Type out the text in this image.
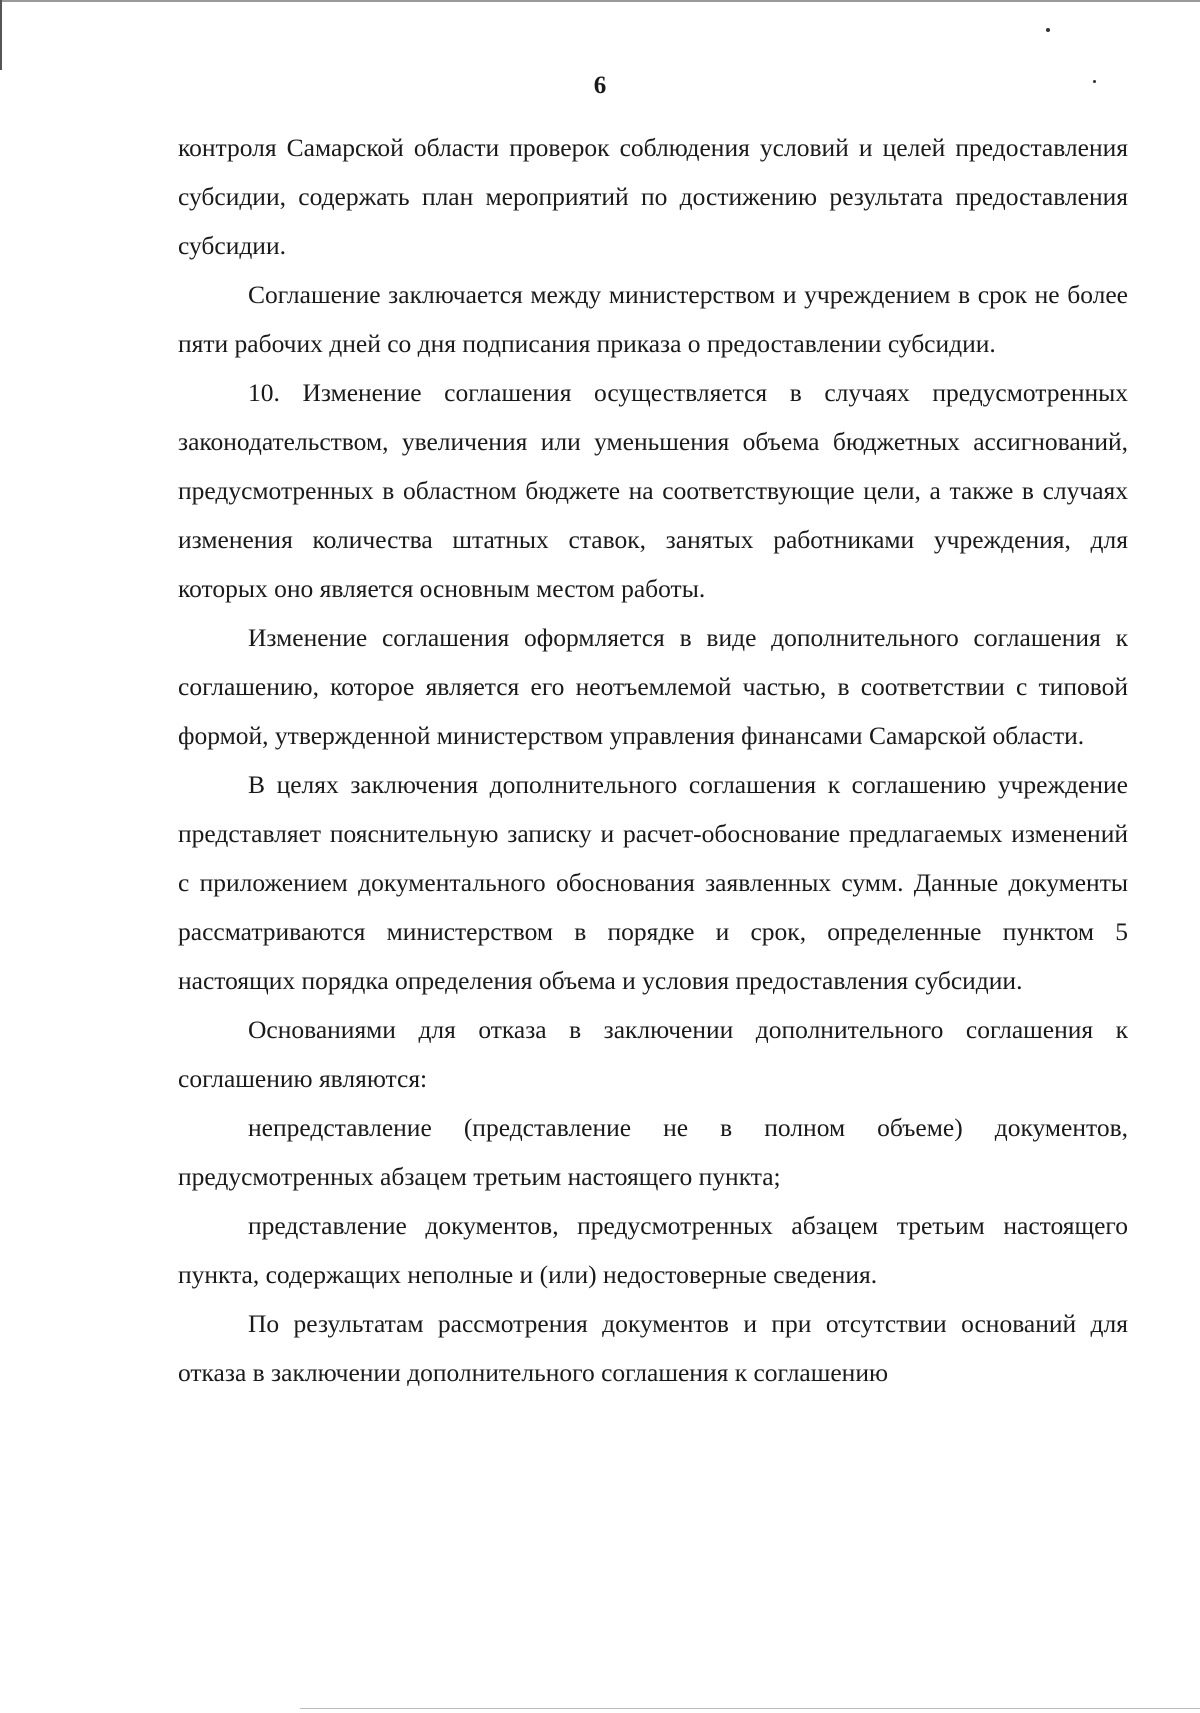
6

контроля Самарской области проверок соблюдения условий и целей предоставления субсидии, содержать план мероприятий по достижению результата предоставления субсидии.

Соглашение заключается между министерством и учреждением в срок не более пяти рабочих дней со дня подписания приказа о предоставлении субсидии.

10. Изменение соглашения осуществляется в случаях предусмотренных законодательством, увеличения или уменьшения объема бюджетных ассигнований, предусмотренных в областном бюджете на соответствующие цели, а также в случаях изменения количества штатных ставок, занятых работниками учреждения, для которых оно является основным местом работы.

Изменение соглашения оформляется в виде дополнительного соглашения к соглашению, которое является его неотъемлемой частью, в соответствии с типовой формой, утвержденной министерством управления финансами Самарской области.

В целях заключения дополнительного соглашения к соглашению учреждение представляет пояснительную записку и расчет-обоснование предлагаемых изменений с приложением документального обоснования заявленных сумм. Данные документы рассматриваются министерством в порядке и срок, определенные пунктом 5 настоящих порядка определения объема и условия предоставления субсидии.

Основаниями для отказа в заключении дополнительного соглашения к соглашению являются:

непредставление (представление не в полном объеме) документов, предусмотренных абзацем третьим настоящего пункта;

представление документов, предусмотренных абзацем третьим настоящего пункта, содержащих неполные и (или) недостоверные сведения.

По результатам рассмотрения документов и при отсутствии оснований для отказа в заключении дополнительного соглашения к соглашению
